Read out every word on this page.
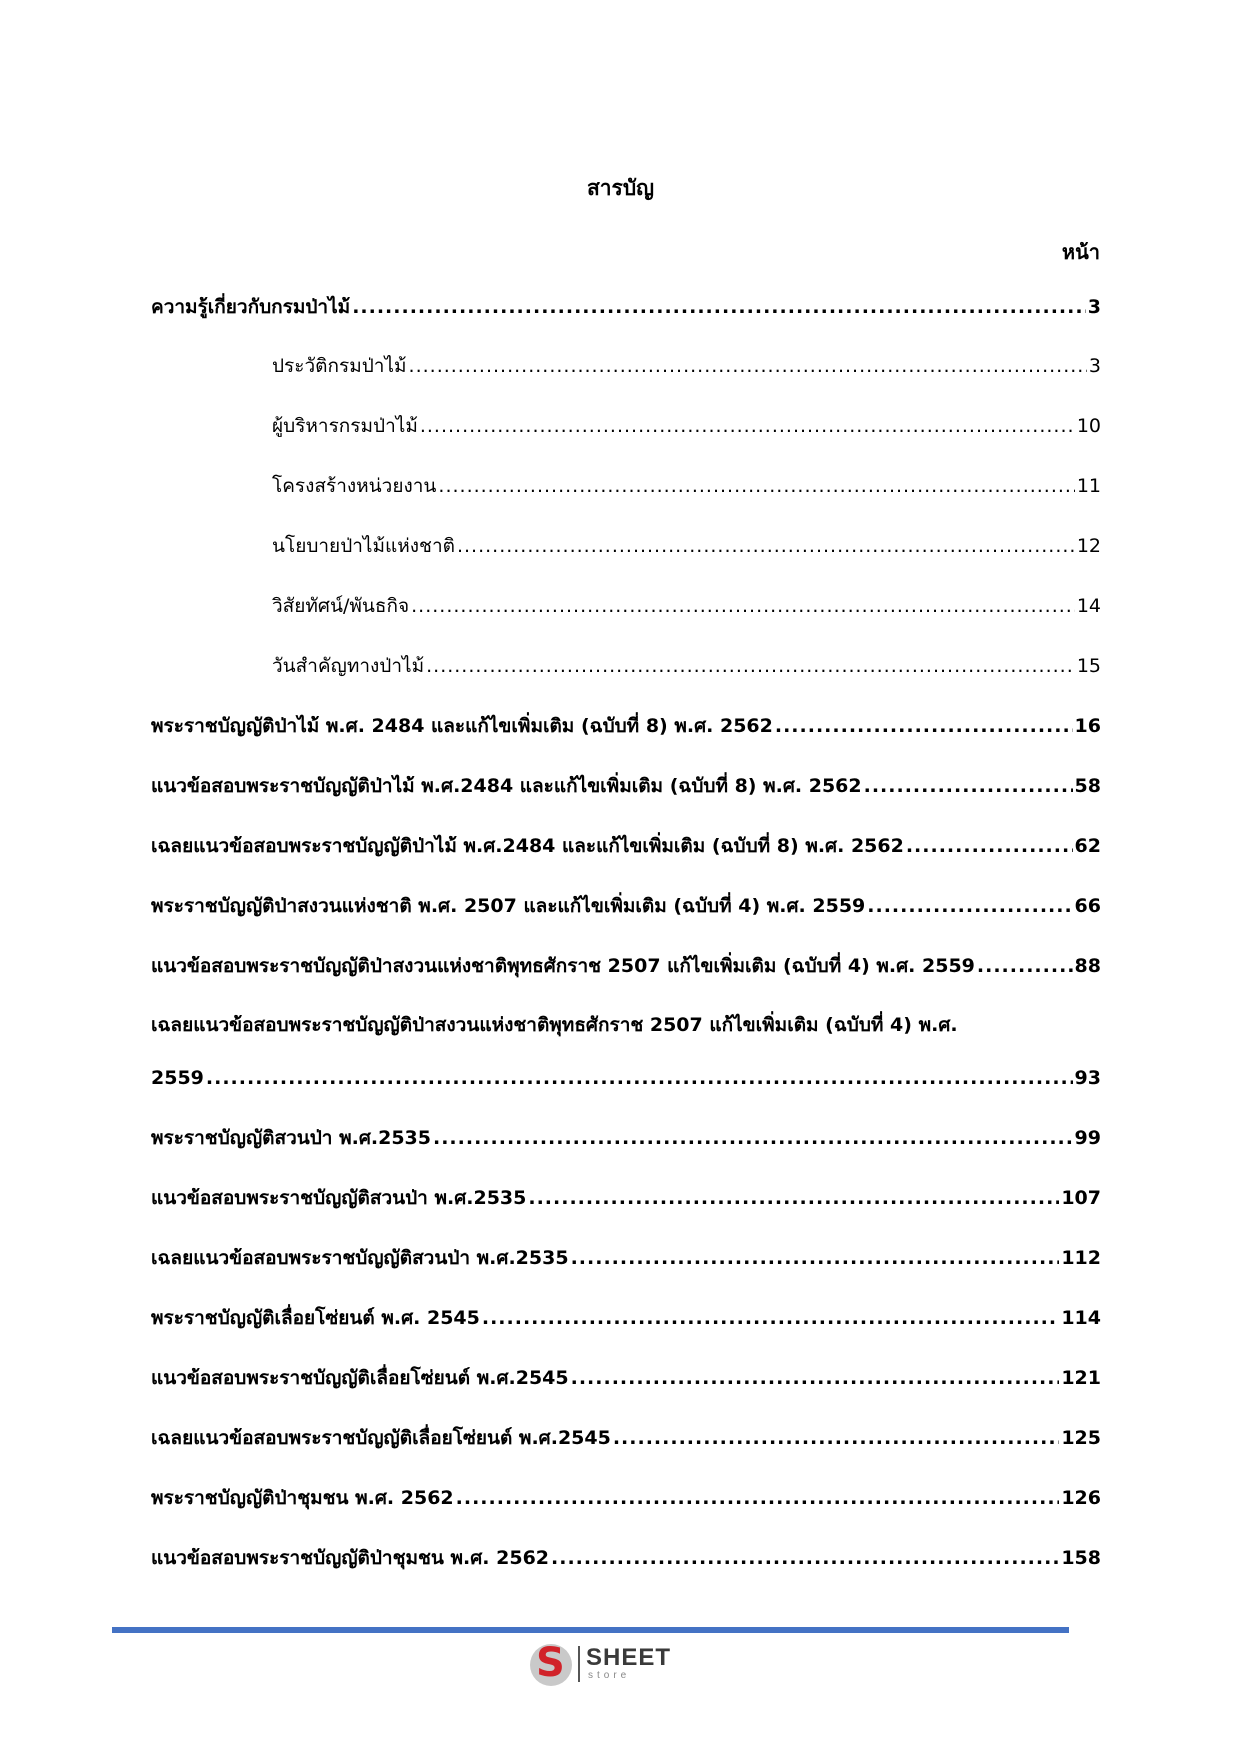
สารบัญ
หน้า
ความรู้เกี่ยวกับกรมป่าไม้ .....	3
ประวัติกรมป่าไม้ .....	3
ผู้บริหารกรมป่าไม้ .....	10
โครงสร้างหน่วยงาน .....	11
นโยบายป่าไม้แห่งชาติ .....	12
วิสัยทัศน์/พันธกิจ .....	14
วันสำคัญทางป่าไม้ .....	15
พระราชบัญญัติป่าไม้ พ.ศ. 2484 และแก้ไขเพิ่มเติม (ฉบับที่ 8) พ.ศ. 2562 .....	16
แนวข้อสอบพระราชบัญญัติป่าไม้ พ.ศ.2484 และแก้ไขเพิ่มเติม (ฉบับที่ 8) พ.ศ. 2562 .....	58
เฉลยแนวข้อสอบพระราชบัญญัติป่าไม้ พ.ศ.2484 และแก้ไขเพิ่มเติม (ฉบับที่ 8) พ.ศ. 2562 .....	62
พระราชบัญญัติป่าสงวนแห่งชาติ พ.ศ. 2507 และแก้ไขเพิ่มเติม (ฉบับที่ 4) พ.ศ. 2559 .....	66
แนวข้อสอบพระราชบัญญัติป่าสงวนแห่งชาติพุทธศักราช 2507 แก้ไขเพิ่มเติม (ฉบับที่ 4) พ.ศ. 2559 .....	88
เฉลยแนวข้อสอบพระราชบัญญัติป่าสงวนแห่งชาติพุทธศักราช 2507 แก้ไขเพิ่มเติม (ฉบับที่ 4) พ.ศ.
2559 .....	93
พระราชบัญญัติสวนป่า พ.ศ.2535 .....	99
แนวข้อสอบพระราชบัญญัติสวนป่า พ.ศ.2535 .....	107
เฉลยแนวข้อสอบพระราชบัญญัติสวนป่า พ.ศ.2535 .....	112
พระราชบัญญัติเลื่อยโซ่ยนต์ พ.ศ. 2545 .....	114
แนวข้อสอบพระราชบัญญัติเลื่อยโซ่ยนต์ พ.ศ.2545 .....	121
เฉลยแนวข้อสอบพระราชบัญญัติเลื่อยโซ่ยนต์ พ.ศ.2545 .....	125
พระราชบัญญัติป่าชุมชน พ.ศ. 2562 .....	126
แนวข้อสอบพระราชบัญญัติป่าชุมชน พ.ศ. 2562 .....	158
S SHEET
store
